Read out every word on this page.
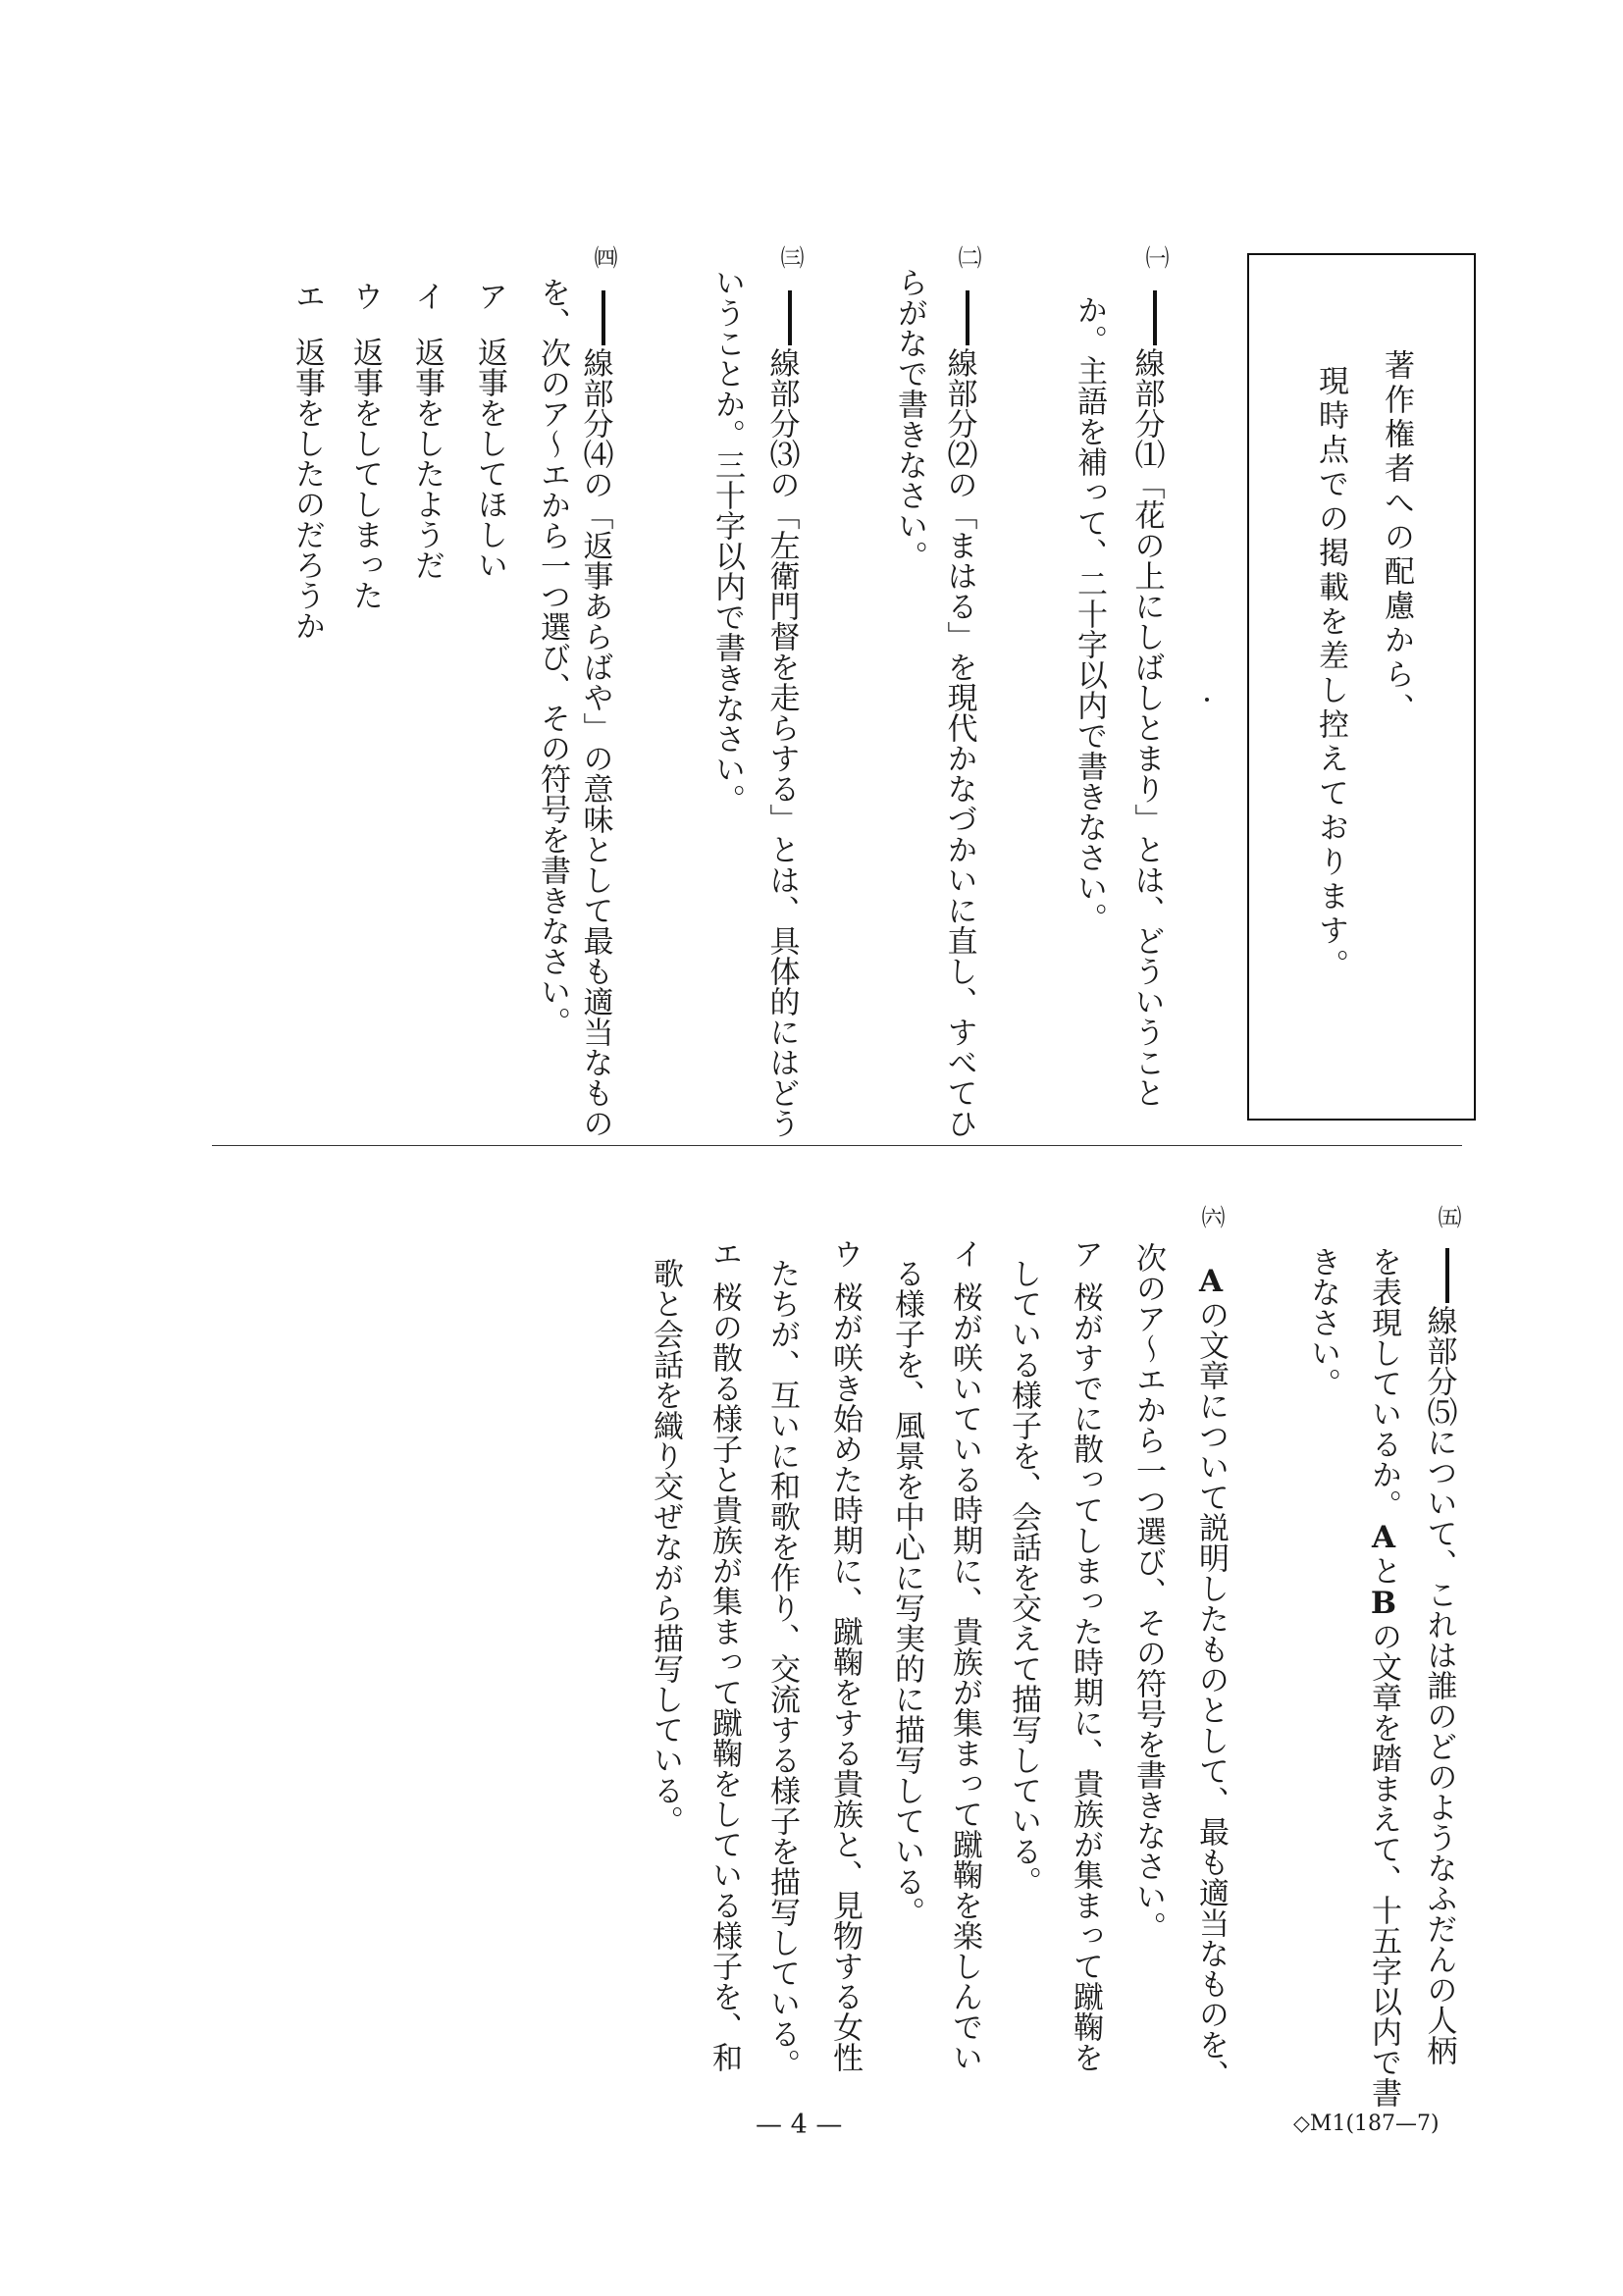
著作権者への配慮から、
現時点での掲載を差し控えております。
㈠
線部分⑴「花の上にしばしとまり」とは、どういうこと
か。主語を補って、二十字以内で書きなさい。
㈡
線部分⑵の「まはる」を現代かなづかいに直し、すべてひ
らがなで書きなさい。
㈢
線部分⑶の「左衛門督を走らする」とは、具体的にはどう
いうことか。三十字以内で書きなさい。
㈣
線部分⑷の「返事あらばや」の意味として最も適当なもの
を、次のア～エから一つ選び、その符号を書きなさい。
ア
返事をしてほしい
イ
返事をしたようだ
ウ
返事をしてしまった
エ
返事をしたのだろうか
㈤
線部分⑸について、これは誰のどのようなふだんの人柄
を表現しているか。AとBの文章を踏まえて、十五字以内で書
きなさい。
㈥
Aの文章について説明したものとして、最も適当なものを、
次のア～エから一つ選び、その符号を書きなさい。
ア
桜がすでに散ってしまった時期に、貴族が集まって蹴鞠を
している様子を、会話を交えて描写している。
イ
桜が咲いている時期に、貴族が集まって蹴鞠を楽しんでい
る様子を、風景を中心に写実的に描写している。
ウ
桜が咲き始めた時期に、蹴鞠をする貴族と、見物する女性
たちが、互いに和歌を作り、交流する様子を描写している。
エ
桜の散る様子と貴族が集まって蹴鞠をしている様子を、和
歌と会話を織り交ぜながら描写している。
— 4 —	◇M1(187—7)
